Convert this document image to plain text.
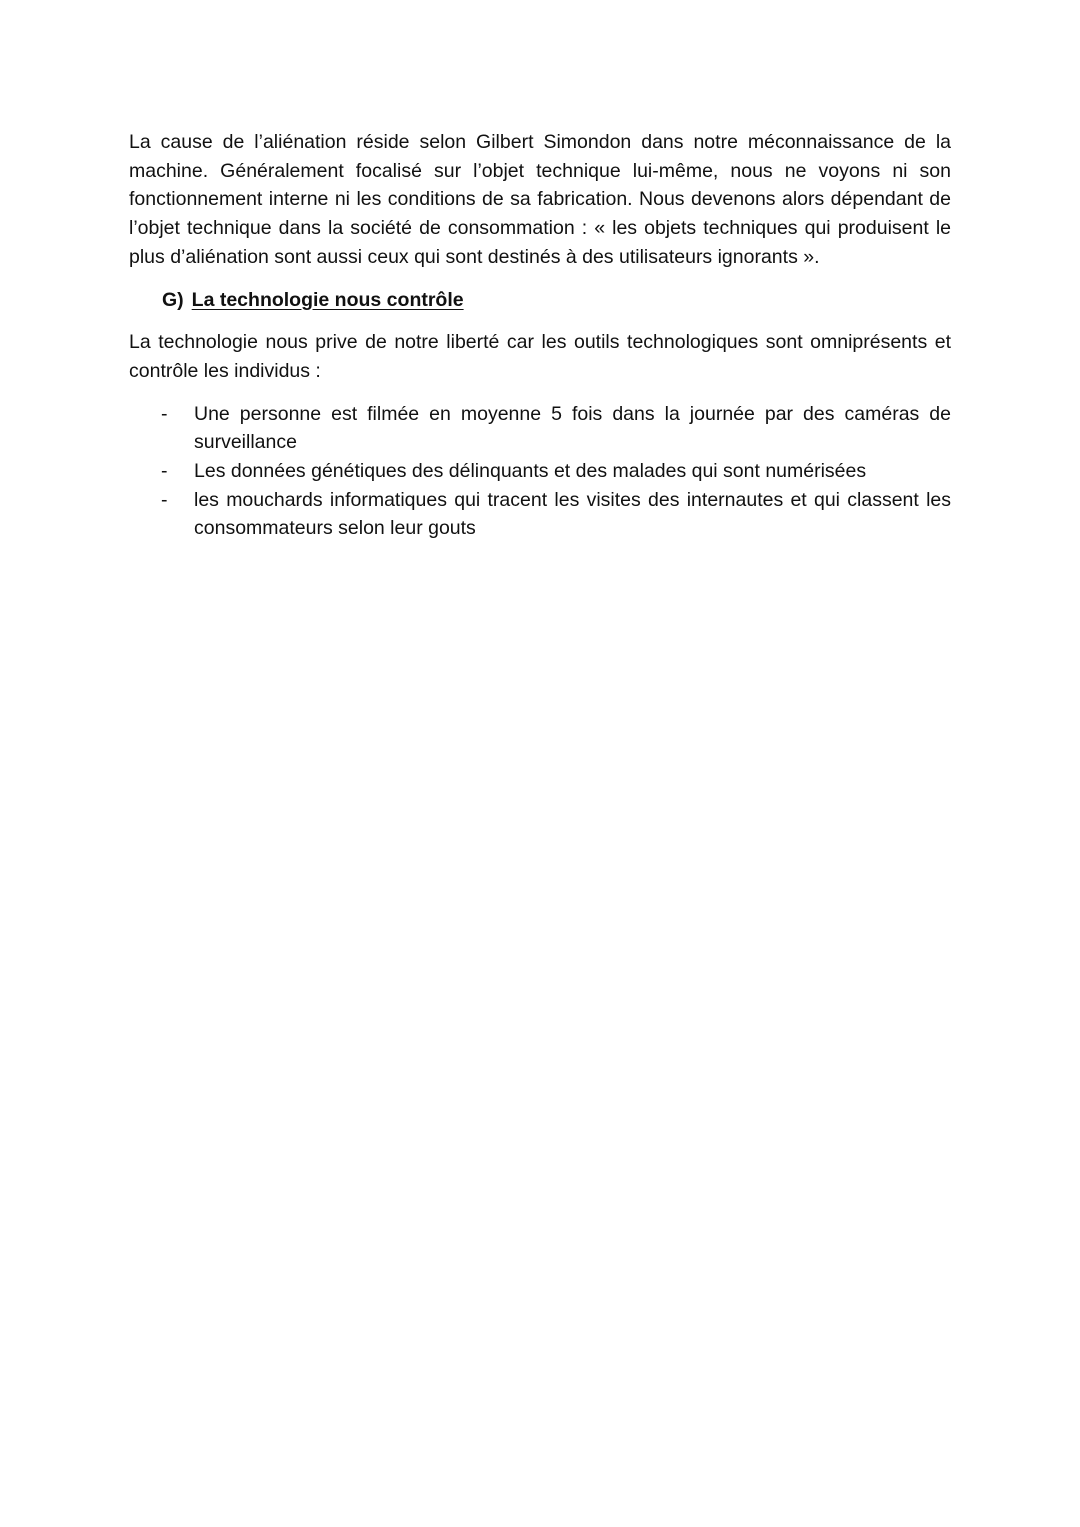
La cause de l’aliénation réside selon Gilbert Simondon dans notre méconnaissance de la machine. Généralement focalisé sur l’objet technique lui-même, nous ne voyons ni son fonctionnement interne ni les conditions de sa fabrication. Nous devenons alors dépendant de l’objet technique dans la société de consommation : « les objets techniques qui produisent le plus d’aliénation sont aussi ceux qui sont destinés à des utilisateurs ignorants ».

G) La technologie nous contrôle

La technologie nous prive de notre liberté car les outils technologiques sont omniprésents et contrôle les individus :

- Une personne est filmée en moyenne 5 fois dans la journée par des caméras de surveillance
- Les données génétiques des délinquants et des malades qui sont numérisées
- les mouchards informatiques qui tracent les visites des internautes et qui classent les consommateurs selon leur gouts
